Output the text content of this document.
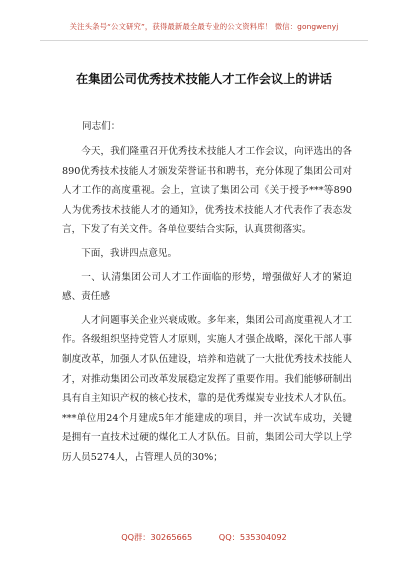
关注头条号“公文研究”，获得最新最全最专业的公文资料库！ 微信：gongwenyj
在集团公司优秀技术技能人才工作会议上的讲话
同志们：

今天，我们隆重召开优秀技术技能人才工作会议，向评选出的各890优秀技术技能人才颁发荣誉证书和聘书，充分体现了集团公司对人才工作的高度重视。会上，宣读了集团公司《关于授予***等890人为优秀技术技能人才的通知》，优秀技术技能人才代表作了表态发言，下发了有关文件。各单位要结合实际，认真贯彻落实。

下面，我讲四点意见。

一、认清集团公司人才工作面临的形势，增强做好人才的紧迫感、责任感

人才问题事关企业兴衰成败。多年来，集团公司高度重视人才工作。各级组织坚持党管人才原则，实施人才强企战略，深化干部人事制度改革，加强人才队伍建设，培养和造就了一大批优秀技术技能人才，对推动集团公司改革发展稳定发挥了重要作用。我们能够研制出具有自主知识产权的核心技术，靠的是优秀煤炭专业技术人才队伍。***单位用24个月建成5年才能建成的项目，并一次试车成功，关键是拥有一直技术过硬的煤化工人才队伍。目前，集团公司大学以上学历人员5274人，占管理人员的30%；

QQ群：30265665	QQ：535304092
